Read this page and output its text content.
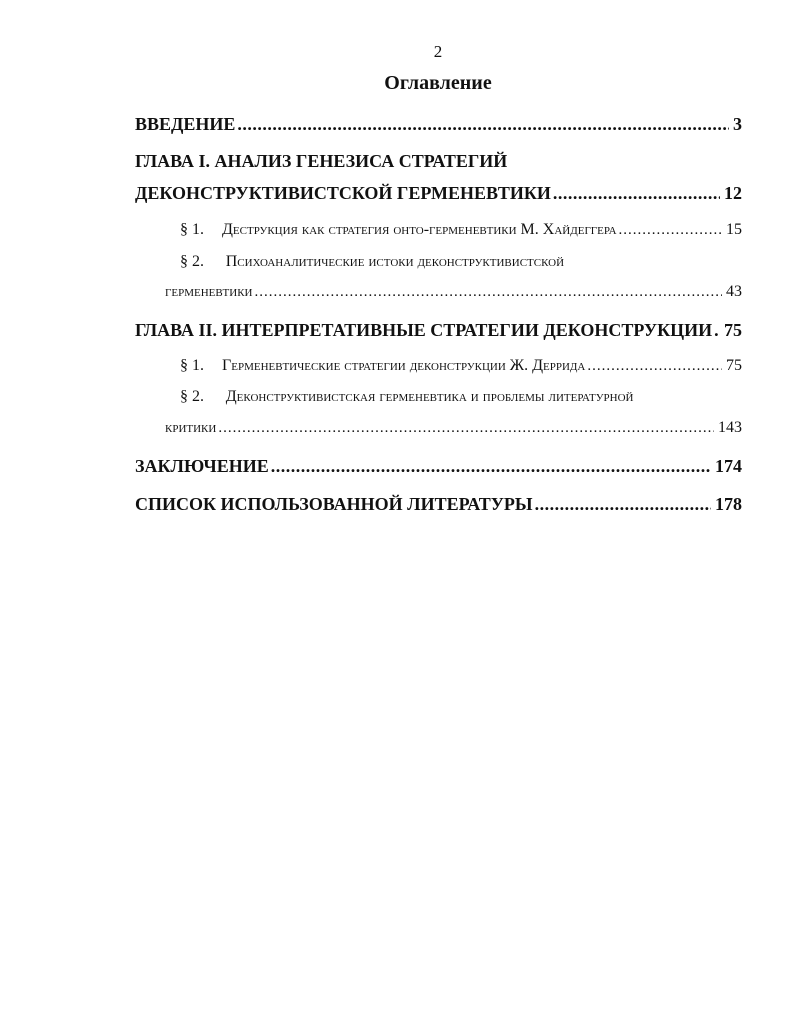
2
Оглавление
ВВЕДЕНИЕ .....	3
ГЛАВА I. АНАЛИЗ ГЕНЕЗИСА СТРАТЕГИЙ
ДЕКОНСТРУКТИВИСТСКОЙ ГЕРМЕНЕВТИКИ .....	12
§ 1. Деструкция как стратегия онто-герменевтики М. Хайдеггера .....	15
§ 2. Психоаналитические истоки деконструктивистской
герменевтики .....	43
ГЛАВА II. ИНТЕРПРЕТАТИВНЫЕ СТРАТЕГИИ ДЕКОНСТРУКЦИИ ..... 75
§ 1. Герменевтические стратегии деконструкции Ж. Деррида .....	75
§ 2. Деконструктивистская герменевтика и проблемы литературной
критики .....	143
ЗАКЛЮЧЕНИЕ .....	174
СПИСОК ИСПОЛЬЗОВАННОЙ ЛИТЕРАТУРЫ .....	178
